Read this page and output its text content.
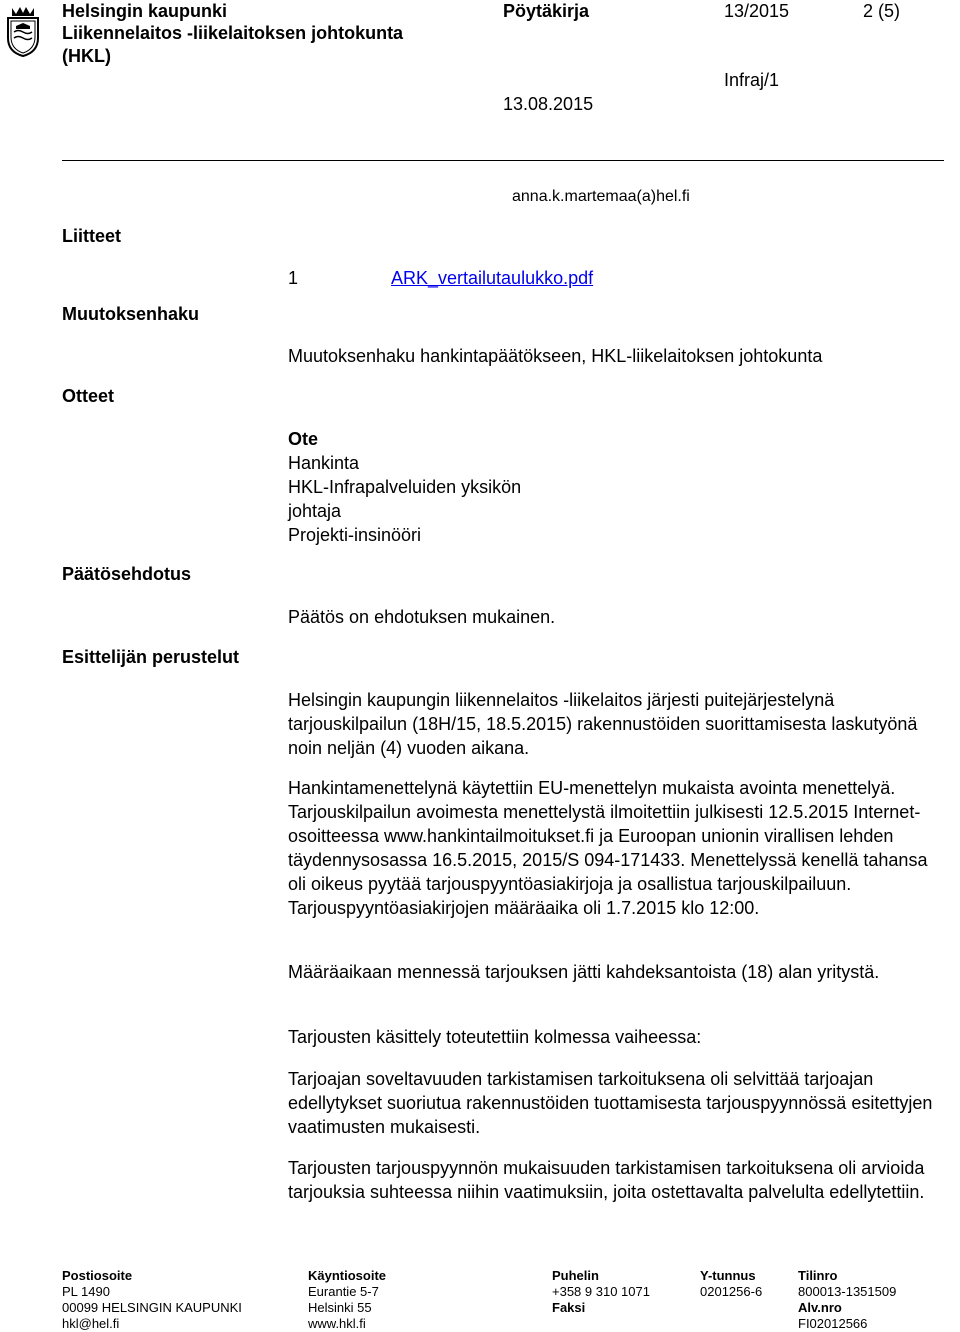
Helsingin kaupunki
Liikennelaitos -liikelaitoksen johtokunta
(HKL)
Pöytäkirja	13/2015	2 (5)
Infraj/1
13.08.2015
anna.k.martemaa(a)hel.fi
Liitteet
Muutoksenhaku
Otteet
Päätösehdotus
Esittelijän perustelut
1	ARK_vertailutaulukko.pdf
Muutoksenhaku hankintapäätökseen, HKL-liikelaitoksen johtokunta
Ote
Hankinta
HKL-Infrapalveluiden yksikön
johtaja
Projekti-insinööri
Päätös on ehdotuksen mukainen.

Helsingin kaupungin liikennelaitos -liikelaitos järjesti puitejärjestelynä tarjouskilpailun (18H/15, 18.5.2015) rakennustöiden suorittamisesta laskutyönä noin neljän (4) vuoden aikana.

Hankintamenettelynä käytettiin EU-menettelyn mukaista avointa menettelyä. Tarjouskilpailun avoimesta menettelystä ilmoitettiin julkisesti 12.5.2015 Internet-osoitteessa www.hankintailmoitukset.fi ja Euroopan unionin virallisen lehden täydennysosassa 16.5.2015, 2015/S 094-171433. Menettelyssä kenellä tahansa oli oikeus pyytää tarjouspyyntöasiakirjoja ja osallistua tarjouskilpailuun. Tarjouspyyntöasiakirjojen määräaika oli 1.7.2015 klo 12:00.

Määräaikaan mennessä tarjouksen jätti kahdeksantoista (18) alan yritystä.

Tarjousten käsittely toteutettiin kolmessa vaiheessa:

Tarjoajan soveltavuuden tarkistamisen tarkoituksena oli selvittää tarjoajan edellytykset suoriutua rakennustöiden tuottamisesta tarjouspyynnössä esitettyjen vaatimusten mukaisesti.

Tarjousten tarjouspyynnön mukaisuuden tarkistamisen tarkoituksena oli arvioida tarjouksia suhteessa niihin vaatimuksiin, joita ostettavalta palvelulta edellytettiin.

Postiosoite
PL 1490
00099 HELSINGIN KAUPUNKI
hkl@hel.fi
Käyntiosoite
Eurantie 5-7
Helsinki 55
www.hkl.fi
Puhelin
+358 9 310 1071
Faksi
Y-tunnus
0201256-6
Tilinro
800013-1351509
Alv.nro
FI02012566
